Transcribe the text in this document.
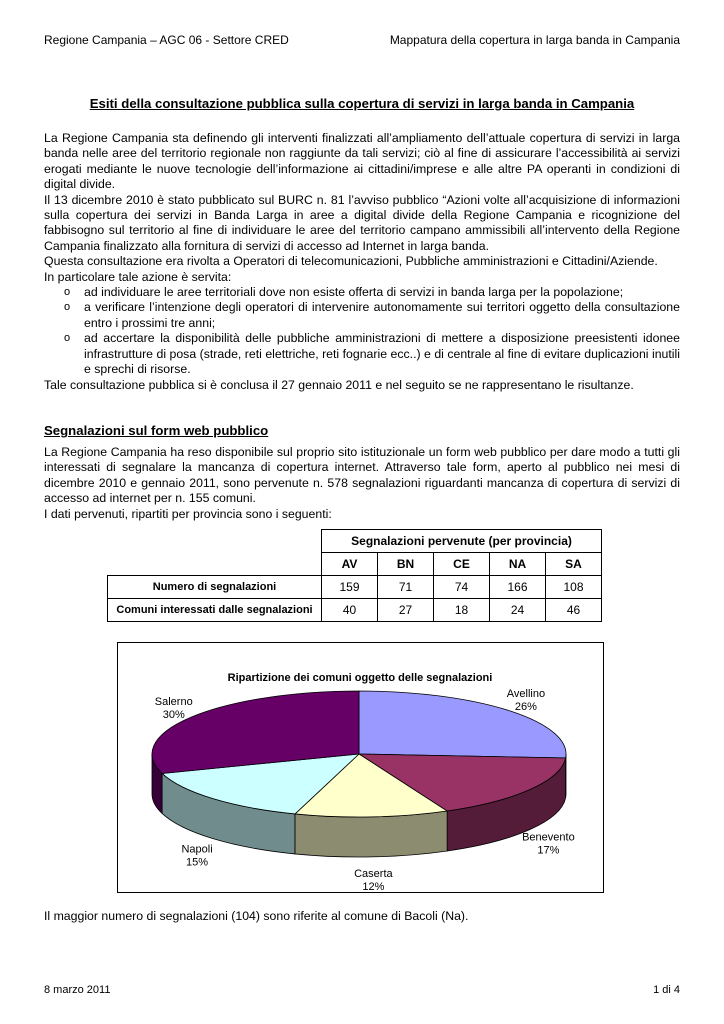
Regione Campania – AGC 06 - Settore CRED	Mappatura della copertura in larga banda in Campania
Esiti della consultazione pubblica sulla copertura di servizi in larga banda in Campania

La Regione Campania sta definendo gli interventi finalizzati all’ampliamento dell’attuale copertura di servizi in larga banda nelle aree del territorio regionale non raggiunte da tali servizi; ciò al fine di assicurare l’accessibilità ai servizi erogati mediante le nuove tecnologie dell’informazione ai cittadini/imprese e alle altre PA operanti in condizioni di digital divide.

Il 13 dicembre 2010 è stato pubblicato sul BURC n. 81 l’avviso pubblico “Azioni volte all’acquisizione di informazioni sulla copertura dei servizi in Banda Larga in aree a digital divide della Regione Campania e ricognizione del fabbisogno sul territorio al fine di individuare le aree del territorio campano ammissibili all’intervento della Regione Campania finalizzato alla fornitura di servizi di accesso ad Internet in larga banda.

Questa consultazione era rivolta a Operatori di telecomunicazioni, Pubbliche amministrazioni e Cittadini/Aziende.

In particolare tale azione è servita:

o ad individuare le aree territoriali dove non esiste offerta di servizi in banda larga per la popolazione;
o a verificare l’intenzione degli operatori di intervenire autonomamente sui territori oggetto della consultazione entro i prossimi tre anni;
o ad accertare la disponibilità delle pubbliche amministrazioni di mettere a disposizione preesistenti idonee infrastrutture di posa (strade, reti elettriche, reti fognarie ecc..) e di centrale al fine di evitare duplicazioni inutili e sprechi di risorse.

Tale consultazione pubblica si è conclusa il 27 gennaio 2011 e nel seguito se ne rappresentano le risultanze.

Segnalazioni sul form web pubblico

La Regione Campania ha reso disponibile sul proprio sito istituzionale un form web pubblico per dare modo a tutti gli interessati di segnalare la mancanza di copertura internet. Attraverso tale form, aperto al pubblico nei mesi di dicembre 2010 e gennaio 2011, sono pervenute n. 578 segnalazioni riguardanti mancanza di copertura di servizi di accesso ad internet per n. 155 comuni.

I dati pervenuti, ripartiti per provincia sono i seguenti:

	Segnalazioni pervenute (per provincia)				
	AV	BN	CE	NA	SA
Numero di segnalazioni	159	71	74	166	108
Comuni interessati dalle segnalazioni	40	27	18	24	46
Ripartizione dei comuni oggetto delle segnalazioni
Avellino
26%
Benevento
17%
Caserta
12%
Napoli
15%
Salerno
30%
Il maggior numero di segnalazioni (104) sono riferite al comune di Bacoli (Na).
8 marzo 2011	1 di 4
